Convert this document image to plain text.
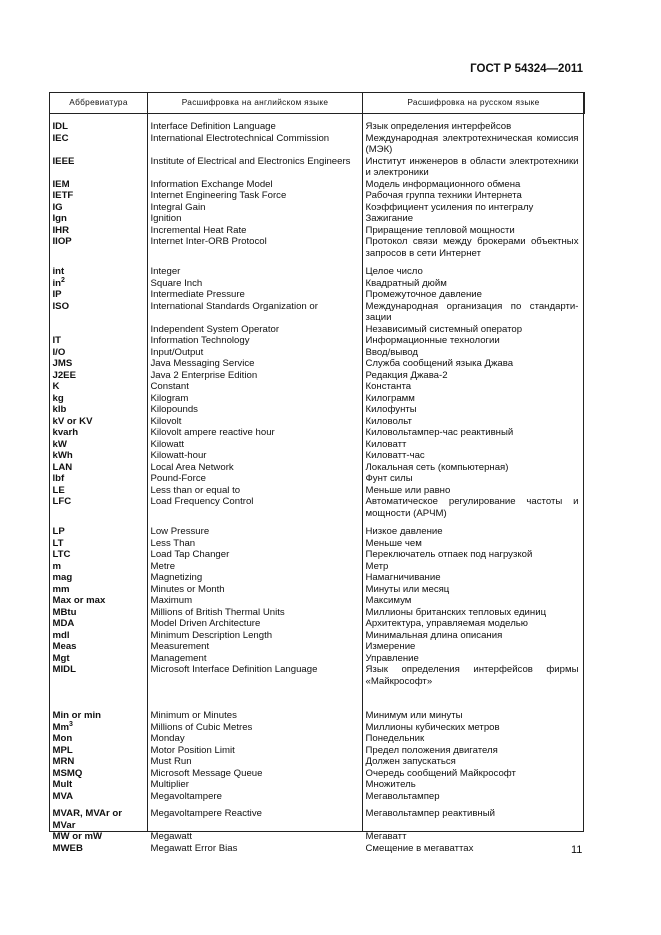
ГОСТ Р 54324—2011
Аббревиатура	Расшифровка на английском языке	Расшифровка на русском языке
IDL	Interface Definition Language	Язык определения интерфейсов
IEC	International Electrotechnical Commission	Международная электротехническая комиссия (МЭК)
IEEE	Institute of Electrical and Electronics Engineers	Институт инженеров в области электротехники и электроники
IEM	Information Exchange Model	Модель информационного обмена
IETF	Internet Engineering Task Force	Рабочая группа техники Интернета
IG	Integral Gain	Коэффициент усиления по интегралу
Ign	Ignition	Зажигание
IHR	Incremental Heat Rate	Приращение тепловой мощности
IIOP	Internet Inter-ORB Protocol	Протокол связи между брокерами объектных запросов в сети Интернет
int	Integer	Целое число
$in^2$	Square Inch	Квадратный дюйм
IP	Intermediate Pressure	Промежуточное давление
ISO	International Standards Organization or	Международная организация по стандартизации
	Independent System Operator	Независимый системный оператор
IT	Information Technology	Информационные технологии
I/O	Input/Output	Ввод/вывод
JMS	Java Messaging Service	Служба сообщений языка Джава
J2EE	Java 2 Enterprise Edition	Редакция Джава-2
K	Constant	Константа
kg	Kilogram	Килограмм
klb	Kilopounds	Килофунты
kV or KV	Kilovolt	Киловольт
kvarh	Kilovolt ampere reactive hour	Киловольтампер-час реактивный
kW	Kilowatt	Киловатт
kWh	Kilowatt-hour	Киловатт-час
LAN	Local Area Network	Локальная сеть (компьютерная)
lbf	Pound-Force	Фунт силы
LE	Less than or equal to	Меньше или равно
LFC	Load Frequency Control	Автоматическое регулирование частоты и мощности (АРЧМ)
LP	Low Pressure	Низкое давление
LT	Less Than	Меньше чем
LTC	Load Tap Changer	Переключатель отпаек под нагрузкой
m	Metre	Метр
mag	Magnetizing	Намагничивание
mm	Minutes or Month	Минуты или месяц
Max or max	Maximum	Максимум
MBtu	Millions of British Thermal Units	Миллионы британских тепловых единиц
MDA	Model Driven Architecture	Архитектура, управляемая моделью
mdl	Minimum Description Length	Минимальная длина описания
Meas	Measurement	Измерение
Mgt	Management	Управление
MIDL	Microsoft Interface Definition Language	Язык определения интерфейсов фирмы «Майкрософт»
Min or min	Minimum or Minutes	Минимум или минуты
Mm$^3$	Millions of Cubic Metres	Миллионы кубических метров
Mon	Monday	Понедельник
MPL	Motor Position Limit	Предел положения двигателя
MRN	Must Run	Должен запускаться
MSMQ	Microsoft Message Queue	Очередь сообщений Майкрософт
Mult	Multiplier	Множитель
MVA	Megavoltampere	Мегавольтампер
MVAR, MVAr or MVar	Megavoltampere Reactive	Мегавольтампер реактивный
MW or mW	Megawatt	Мегаватт
MWEB	Megawatt Error Bias	Смещение в мегаваттах	11
